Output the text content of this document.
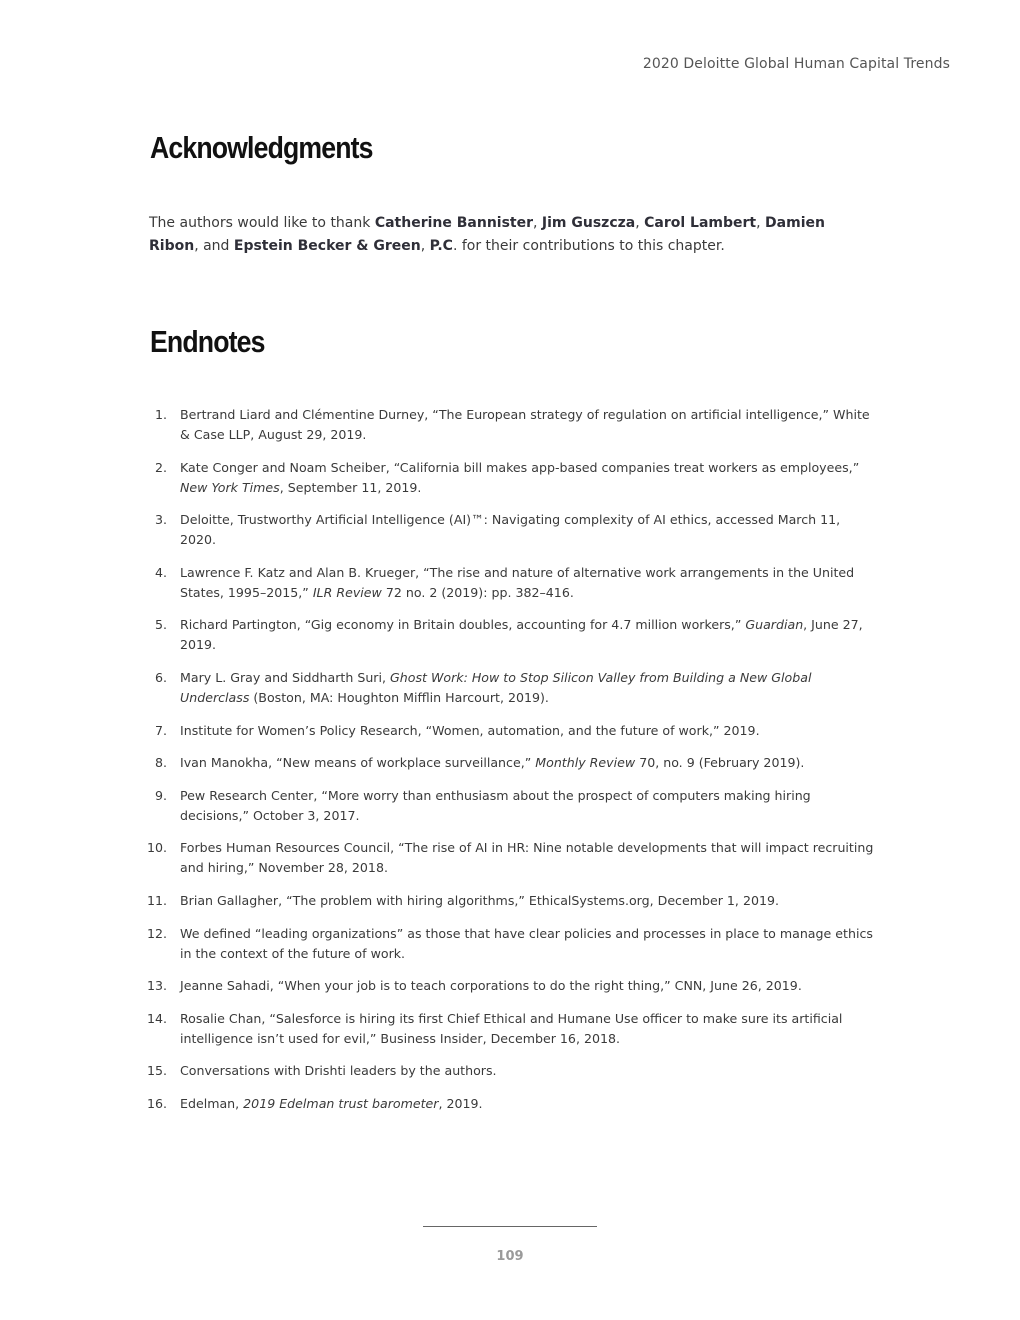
2020 Deloitte Global Human Capital Trends
Acknowledgments

The authors would like to thank Catherine Bannister, Jim Guszcza, Carol Lambert, Damien Ribon, and Epstein Becker & Green, P.C. for their contributions to this chapter.

Endnotes
1. Bertrand Liard and Clémentine Durney, “The European strategy of regulation on artificial intelligence,” White & Case LLP, August 29, 2019.
2. Kate Conger and Noam Scheiber, “California bill makes app-based companies treat workers as employees,” New York Times, September 11, 2019.
3. Deloitte, Trustworthy Artificial Intelligence (AI)™: Navigating complexity of AI ethics, accessed March 11, 2020.
4. Lawrence F. Katz and Alan B. Krueger, “The rise and nature of alternative work arrangements in the United States, 1995–2015,” ILR Review 72 no. 2 (2019): pp. 382–416.
5. Richard Partington, “Gig economy in Britain doubles, accounting for 4.7 million workers,” Guardian, June 27, 2019.
6. Mary L. Gray and Siddharth Suri, Ghost Work: How to Stop Silicon Valley from Building a New Global Underclass (Boston, MA: Houghton Mifflin Harcourt, 2019).
7. Institute for Women’s Policy Research, “Women, automation, and the future of work,” 2019.
8. Ivan Manokha, “New means of workplace surveillance,” Monthly Review 70, no. 9 (February 2019).
9. Pew Research Center, “More worry than enthusiasm about the prospect of computers making hiring decisions,” October 3, 2017.
10. Forbes Human Resources Council, “The rise of AI in HR: Nine notable developments that will impact recruiting and hiring,” November 28, 2018.
11. Brian Gallagher, “The problem with hiring algorithms,” EthicalSystems.org, December 1, 2019.
12. We defined “leading organizations” as those that have clear policies and processes in place to manage ethics in the context of the future of work.
13. Jeanne Sahadi, “When your job is to teach corporations to do the right thing,” CNN, June 26, 2019.
14. Rosalie Chan, “Salesforce is hiring its first Chief Ethical and Humane Use officer to make sure its artificial intelligence isn’t used for evil,” Business Insider, December 16, 2018.
15. Conversations with Drishti leaders by the authors.
16. Edelman, 2019 Edelman trust barometer, 2019.
109
